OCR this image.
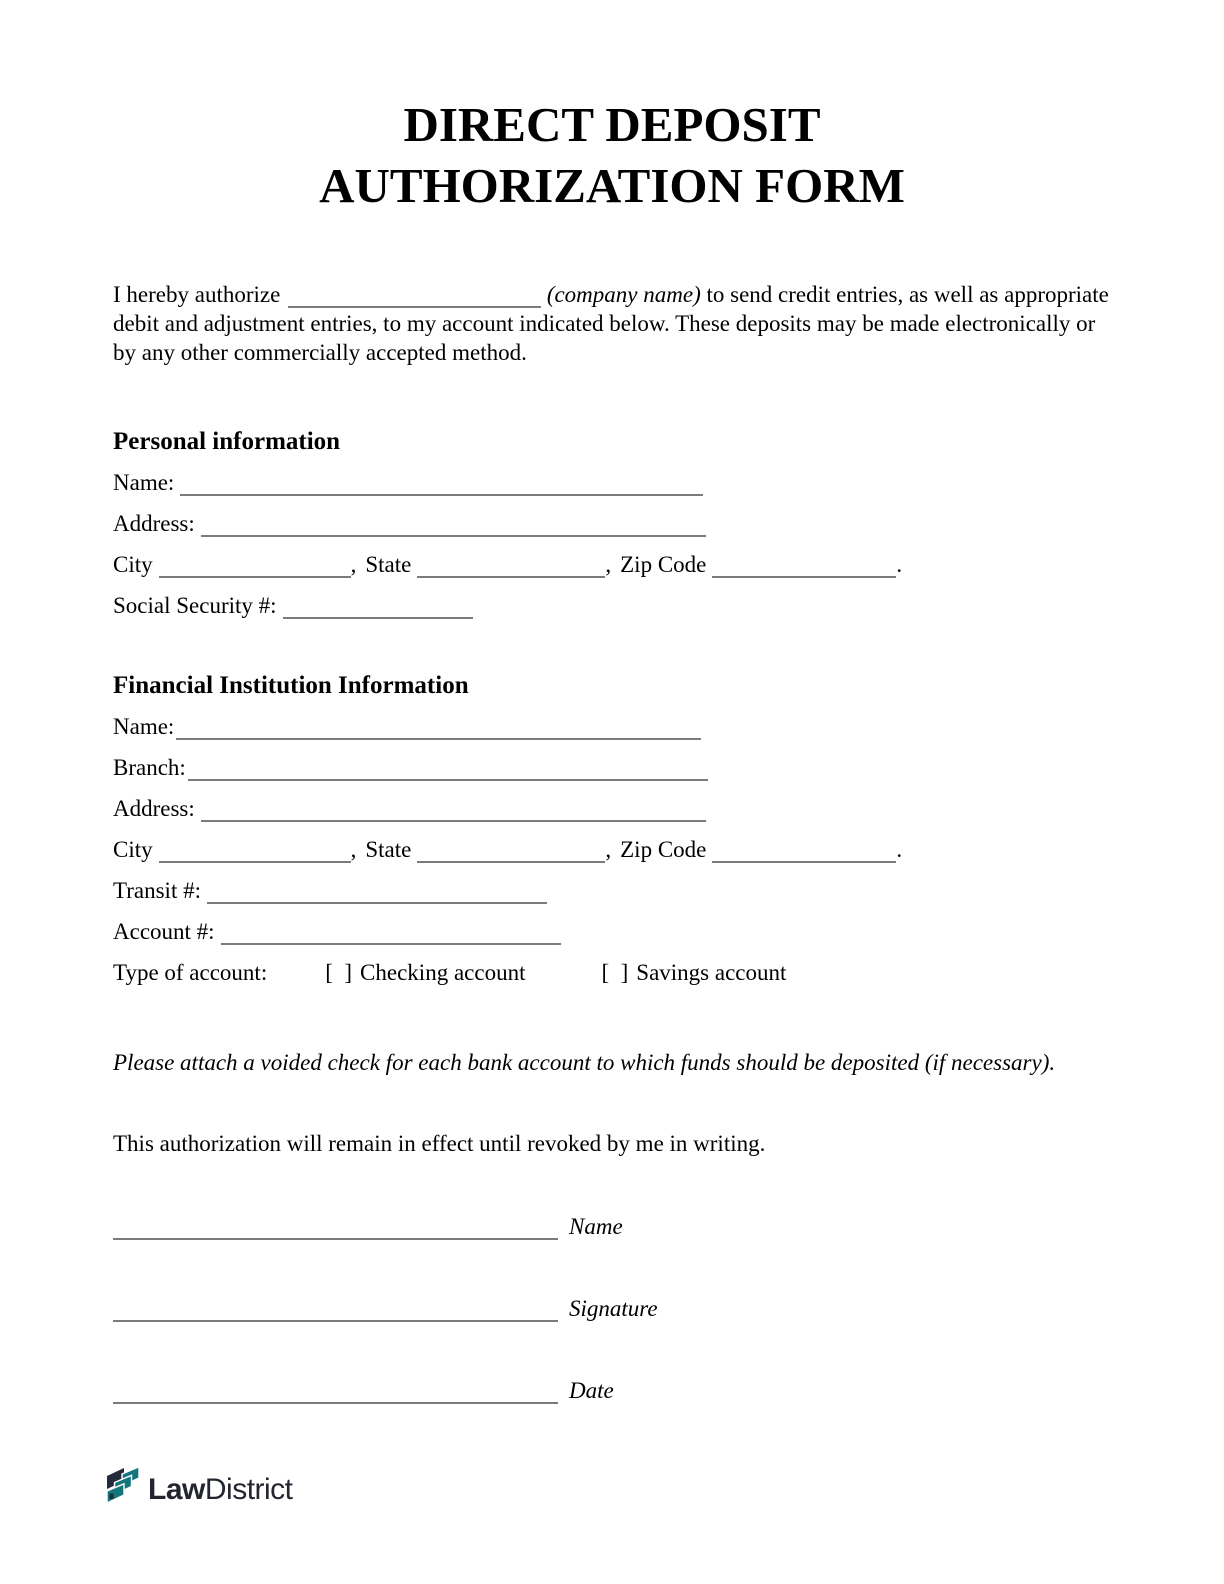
DIRECT DEPOSIT
AUTHORIZATION FORM

I hereby authorize	(company name) to send credit entries, as well as appropriate debit and adjustment entries, to my account indicated below. These deposits may be made electronically or by any other commercially accepted method.

Personal information
Name:
Address:
City	, State	, Zip Code	.
Social Security #:
Financial Institution Information
Name:
Branch:
Address:
City	, State	, Zip Code	.
Transit #:
Account #:
Type of account:	[  ] Checking account	[  ] Savings account

Please attach a voided check for each bank account to which funds should be deposited (if necessary).

This authorization will remain in effect until revoked by me in writing.

Name
Signature
Date
LawDistrict
